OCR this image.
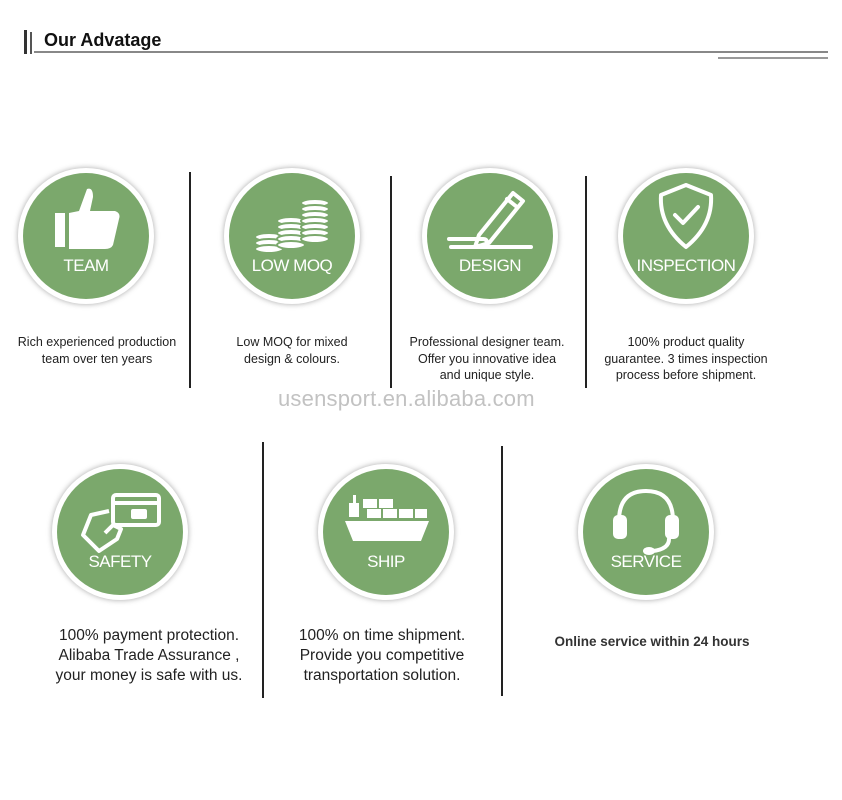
Our Advatage
TEAM
Rich experienced production
team over ten years
LOW MOQ
Low MOQ for mixed
design & colours.
DESIGN
Professional designer team.
Offer you innovative idea
and unique style.
INSPECTION
100% product quality
guarantee. 3 times inspection
process before shipment.
usensport.en.alibaba.com
SAFETY
100% payment protection.
Alibaba Trade Assurance ,
your money is safe with us.
SHIP
100% on time shipment.
Provide you competitive
transportation solution.
SERVICE
Online service within 24 hours
